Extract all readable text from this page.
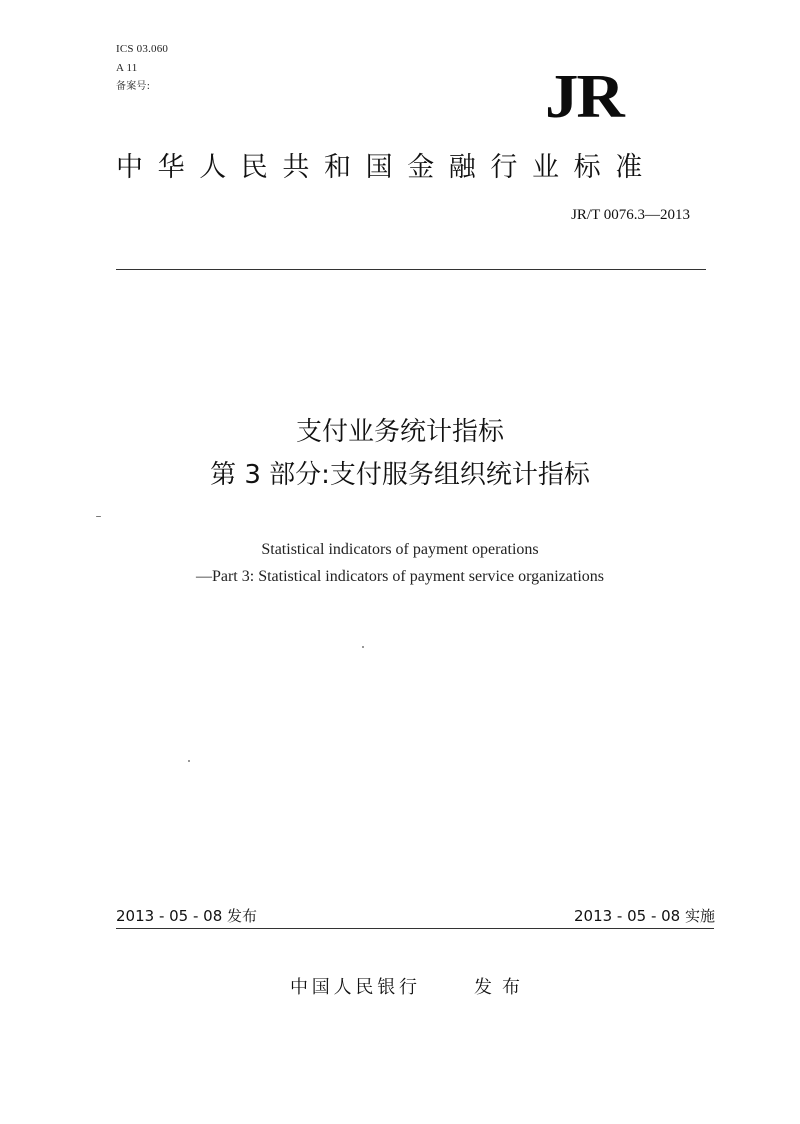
ICS 03.060
A 11
备案号:	JR
中华人民共和国金融行业标准
JR/T 0076.3—2013
支付业务统计指标
第 3 部分:支付服务组织统计指标
Statistical indicators of payment operations
—Part 3: Statistical indicators of payment service organizations
2013 - 05 - 08 发布	2013 - 05 - 08 实施
中国人民银行	发布
